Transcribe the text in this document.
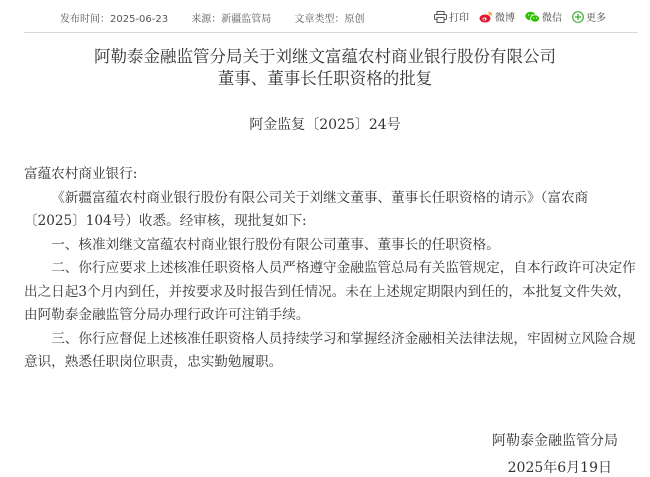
发布时间：2025-06-23 来源：新疆监管局 文章类型：原创	打印	微博	微信 更多
阿勒泰金融监管分局关于刘继文富蕴农村商业银行股份有限公司
董事、董事长任职资格的批复
阿金监复〔2025〕24号

富蕴农村商业银行:

《新疆富蕴农村商业银行股份有限公司关于刘继文董事、董事长任职资格的请示》（富农商〔2025〕104号）收悉。经审核，现批复如下:

一、核准刘继文富蕴农村商业银行股份有限公司董事、董事长的任职资格。

二、你行应要求上述核准任职资格人员严格遵守金融监管总局有关监管规定，自本行政许可决定作出之日起3个月内到任，并按要求及时报告到任情况。未在上述规定期限内到任的，本批复文件失效，由阿勒泰金融监管分局办理行政许可注销手续。

三、你行应督促上述核准任职资格人员持续学习和掌握经济金融相关法律法规，牢固树立风险合规意识，熟悉任职岗位职责，忠实勤勉履职。

阿勒泰金融监管分局
2025年6月19日
